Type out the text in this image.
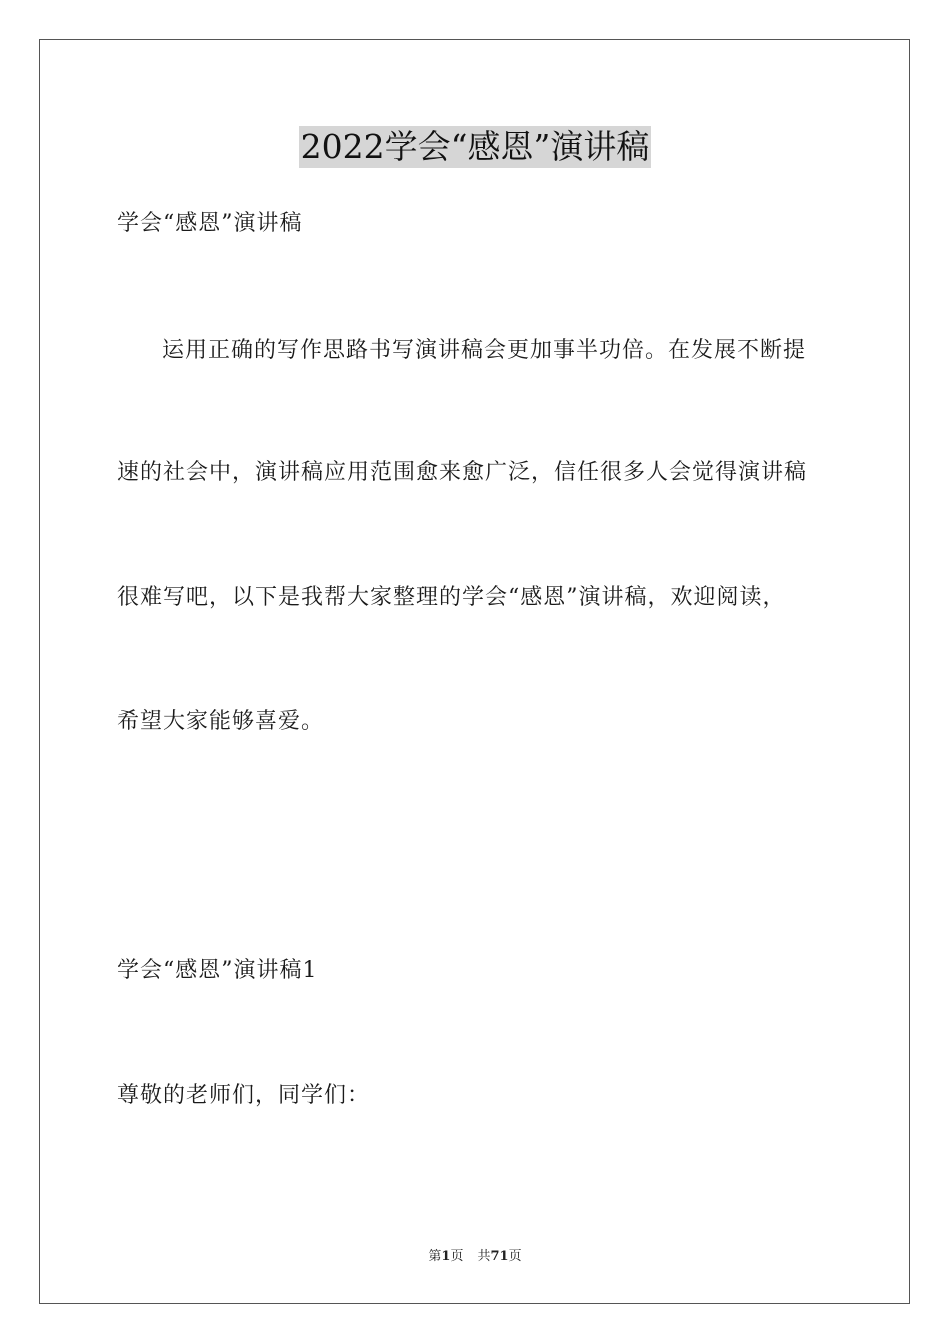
2022学会“感恩”演讲稿
学会“感恩”演讲稿
运用正确的写作思路书写演讲稿会更加事半功倍。在发展不断提
速的社会中，演讲稿应用范围愈来愈广泛，信任很多人会觉得演讲稿
很难写吧，以下是我帮大家整理的学会“感恩”演讲稿，欢迎阅读，
希望大家能够喜爱。
学会“感恩”演讲稿1
尊敬的老师们，同学们：
第1页 共71页
